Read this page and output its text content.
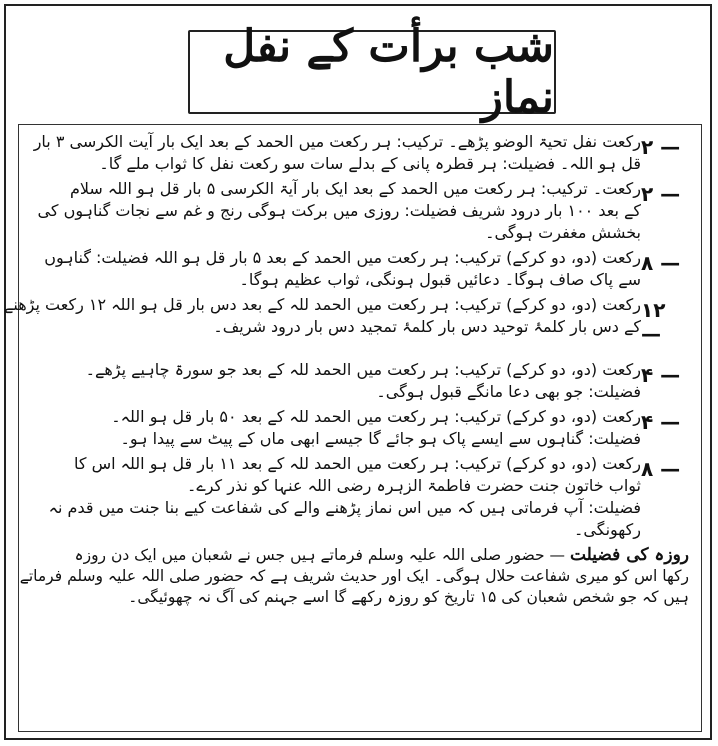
شب برأت کے نفل نماز
۲ —
رکعت نفل تحیۃ الوضو پڑھے۔ ترکیب: ہر رکعت میں الحمد کے بعد ایک بار آیت الکرسی ۳ بار
قل ہو اللہ۔ فضیلت: ہر قطرہ پانی کے بدلے سات سو رکعت نفل کا ثواب ملے گا۔
۲ —
رکعت۔ ترکیب: ہر رکعت میں الحمد کے بعد ایک بار آیۃ الکرسی ۵ بار قل ہو اللہ سلام
کے بعد ۱۰۰ بار درود شریف فضیلت: روزی میں برکت ہوگی رنج و غم سے نجات گناہوں کی
بخشش مغفرت ہوگی۔
۸ —
رکعت (دو، دو کرکے) ترکیب: ہر رکعت میں الحمد کے بعد ۵ بار قل ہو اللہ فضیلت: گناہوں
سے پاک صاف ہوگا۔ دعائیں قبول ہونگی، ثواب عظیم ہوگا۔
۱۲ —
رکعت (دو، دو کرکے) ترکیب: ہر رکعت میں الحمد للہ کے بعد دس بار قل ہو اللہ ۱۲ رکعت پڑھنے
کے دس بار کلمۂ توحید دس بار کلمۂ تمجید دس بار درود شریف۔
۴ —
رکعت (دو، دو کرکے) ترکیب: ہر رکعت میں الحمد للہ کے بعد جو سورۃ چاہیے پڑھے۔
فضیلت: جو بھی دعا مانگے قبول ہوگی۔
۴ —
رکعت (دو، دو کرکے) ترکیب: ہر رکعت میں الحمد للہ کے بعد ۵۰ بار قل ہو اللہ۔
فضیلت: گناہوں سے ایسے پاک ہو جائے گا جیسے ابھی ماں کے پیٹ سے پیدا ہو۔
۸ —
رکعت (دو، دو کرکے) ترکیب: ہر رکعت میں الحمد للہ کے بعد ۱۱ بار قل ہو اللہ اس کا
ثواب خاتون جنت حضرت فاطمۃ الزہرہ رضی اللہ عنہا کو نذر کرے۔
فضیلت: آپ فرماتی ہیں کہ میں اس نماز پڑھنے والے کی شفاعت کیے بنا جنت میں قدم نہ
رکھونگی۔
روزہ کی فضیلت — حضور صلی اللہ علیہ وسلم فرماتے ہیں جس نے شعبان میں ایک دن روزہ
رکھا اس کو میری شفاعت حلال ہوگی۔ ایک اور حدیث شریف ہے کہ حضور صلی اللہ علیہ وسلم فرماتے
ہیں کہ جو شخص شعبان کی ۱۵ تاریخ کو روزہ رکھے گا اسے جہنم کی آگ نہ چھوئیگی۔
